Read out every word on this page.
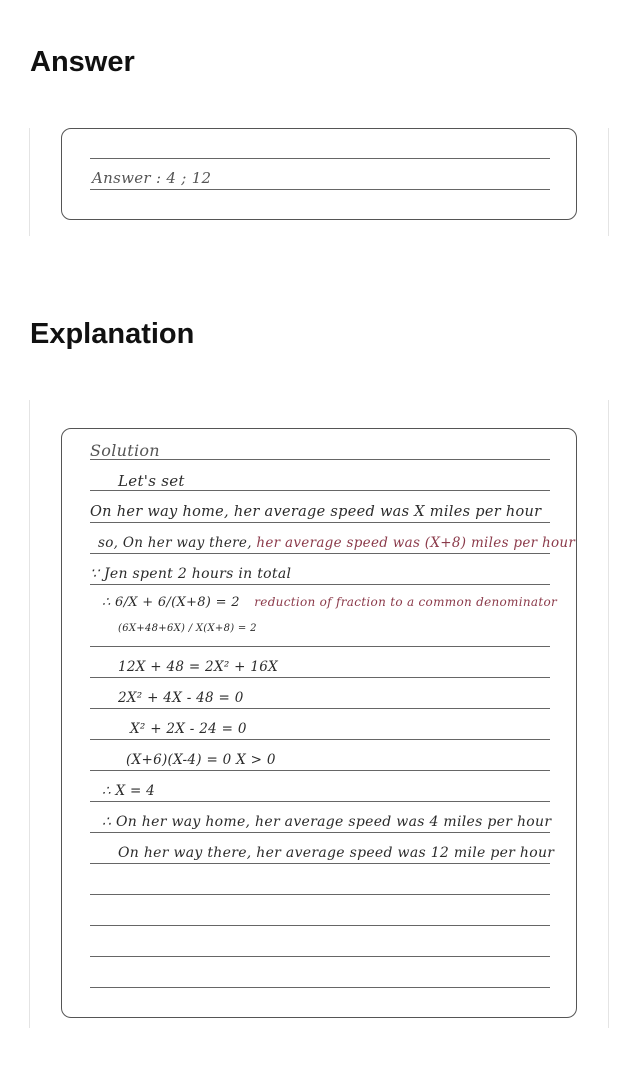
Answer

Answer : 4 ; 12

Explanation

Solution

Let's set

On her way home, her average speed was X miles per hour

so, On her way there, her average speed was (X+8) miles per hour

∵ Jen spent 2 hours in total

∴ 6/X + 6/(X+8) = 2 reduction of fraction to a common denominator

(6X+48+6X) / X(X+8) = 2

12X + 48 = 2X² + 16X

2X² + 4X - 48 = 0

X² + 2X - 24 = 0

(X+6)(X-4) = 0 X > 0

∴ X = 4

∴ On her way home, her average speed was 4 miles per hour

On her way there, her average speed was 12 mile per hour
